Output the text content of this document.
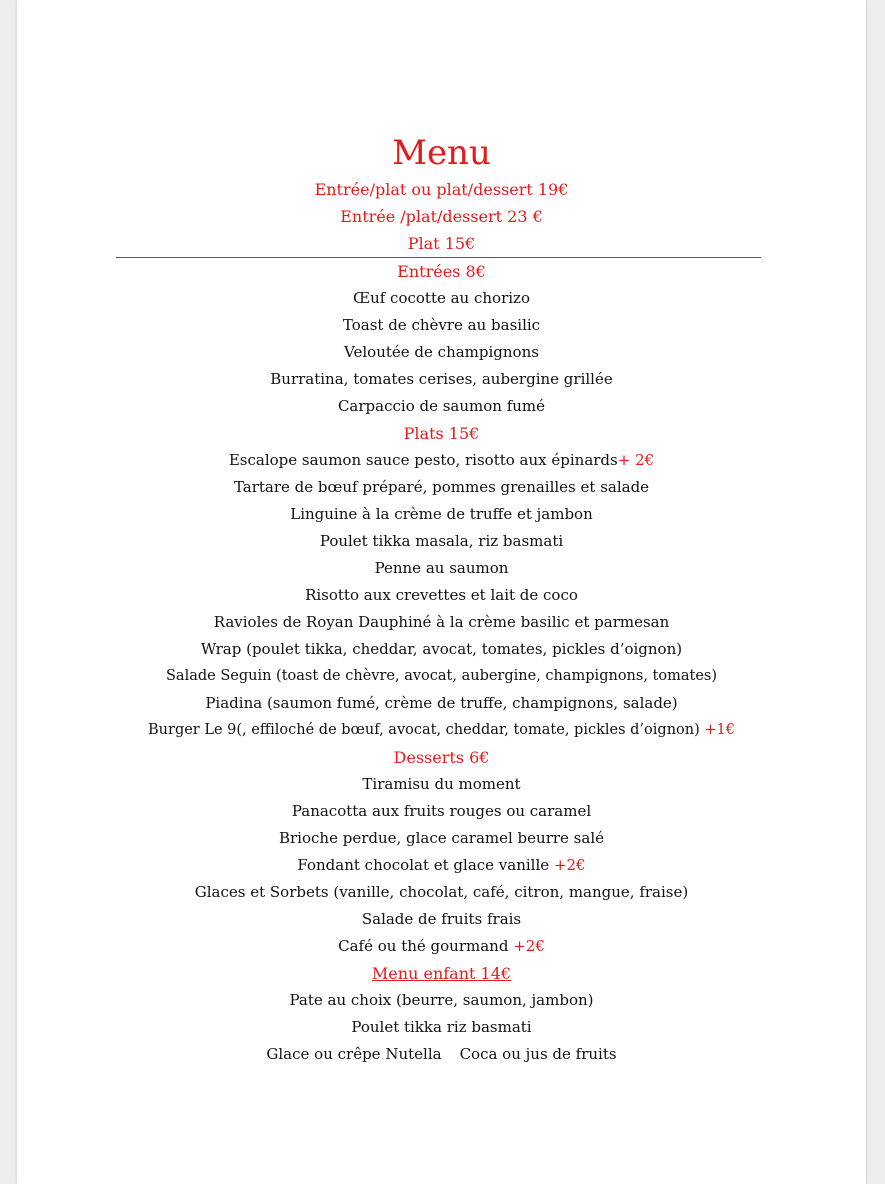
Menu
Entrée/plat ou plat/dessert 19€
Entrée /plat/dessert 23 €
Plat 15€
Entrées 8€
Œuf cocotte au chorizo
Toast de chèvre au basilic
Veloutée de champignons
Burratina, tomates cerises, aubergine grillée
Carpaccio de saumon fumé
Plats 15€
Escalope saumon sauce pesto, risotto aux épinards+ 2€
Tartare de bœuf préparé, pommes grenailles et salade
Linguine à la crème de truffe et jambon
Poulet tikka masala, riz basmati
Penne au saumon
Risotto aux crevettes et lait de coco
Ravioles de Royan Dauphiné à la crème basilic et parmesan
Wrap (poulet tikka, cheddar, avocat, tomates, pickles d’oignon)
Salade Seguin (toast de chèvre, avocat, aubergine, champignons, tomates)
Piadina (saumon fumé, crème de truffe, champignons, salade)
Burger Le 9(, effiloché de bœuf, avocat, cheddar, tomate, pickles d’oignon) +1€
Desserts 6€
Tiramisu du moment
Panacotta aux fruits rouges ou caramel
Brioche perdue, glace caramel beurre salé
Fondant chocolat et glace vanille +2€
Glaces et Sorbets (vanille, chocolat, café, citron, mangue, fraise)
Salade de fruits frais
Café ou thé gourmand +2€
Menu enfant 14€
Pate au choix (beurre, saumon, jambon)
Poulet tikka riz basmati
Glace ou crêpe Nutella Coca ou jus de fruits
